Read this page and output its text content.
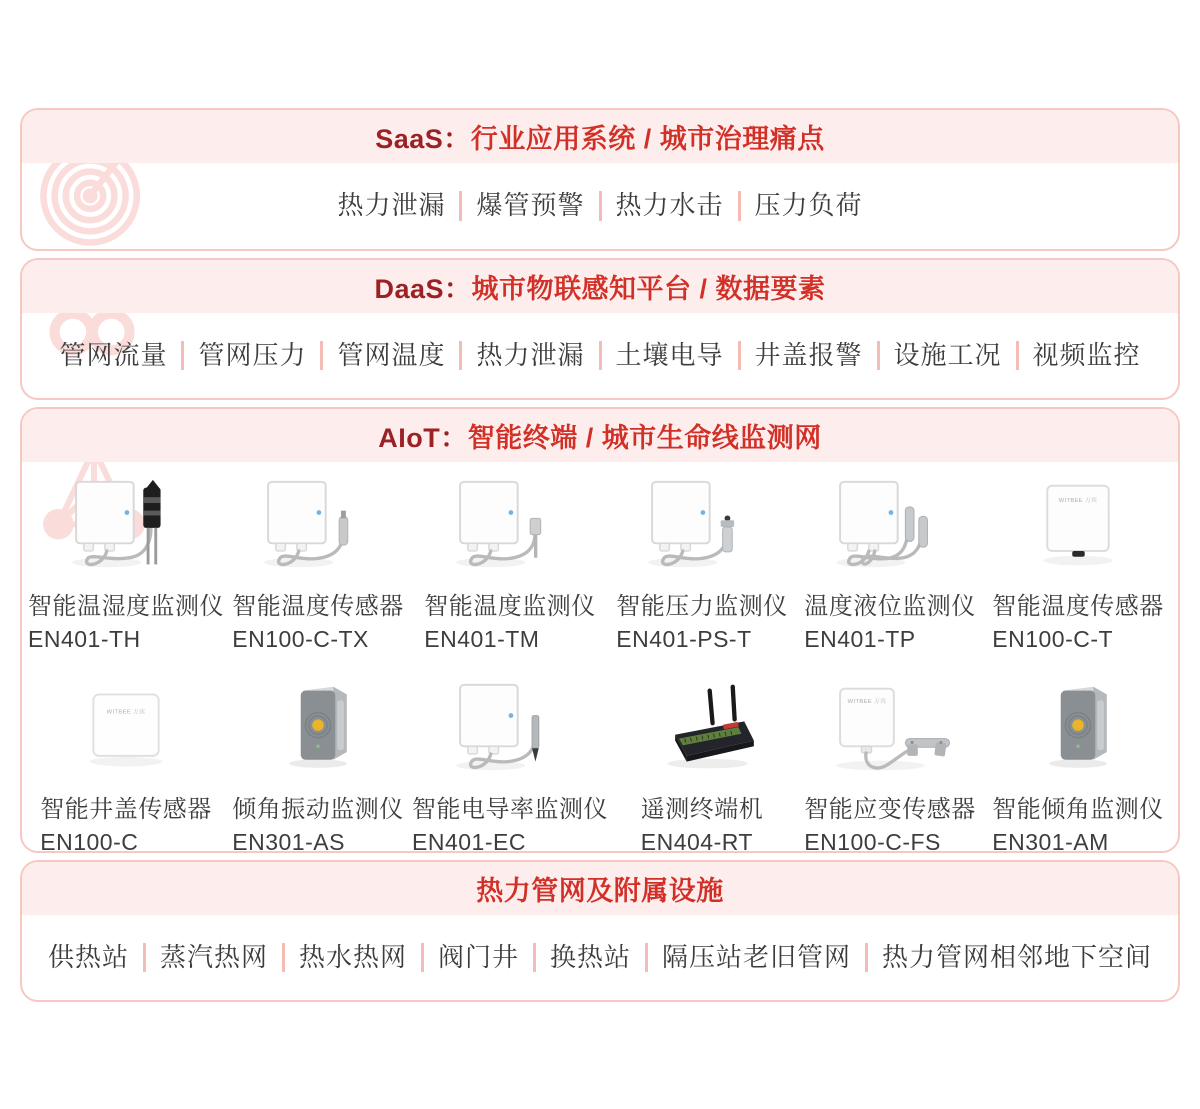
SaaS：行业应用系统 / 城市治理痛点
热力泄漏	爆管预警	热力水击	压力负荷
DaaS：城市物联感知平台 / 数据要素
管网流量	管网压力	管网温度	热力泄漏	土壤电导	井盖报警	设施工况	视频监控
AIoT：智能终端 / 城市生命线监测网
智能温湿度监测仪
EN401-TH
智能温度传感器
EN100-C-TX
智能温度监测仪
EN401-TM
智能压力监测仪
EN401-PS-T
温度液位监测仪
EN401-TP
WITBEE 万宾
智能温度传感器
EN100-C-T
WITBEE 万宾
智能井盖传感器
EN100-C
倾角振动监测仪
EN301-AS
智能电导率监测仪
EN401-EC
遥测终端机
EN404-RT
WITBEE 万宾
智能应变传感器
EN100-C-FS
智能倾角监测仪
EN301-AM
热力管网及附属设施
供热站	蒸汽热网	热水热网	阀门井	换热站	隔压站老旧管网	热力管网相邻地下空间
